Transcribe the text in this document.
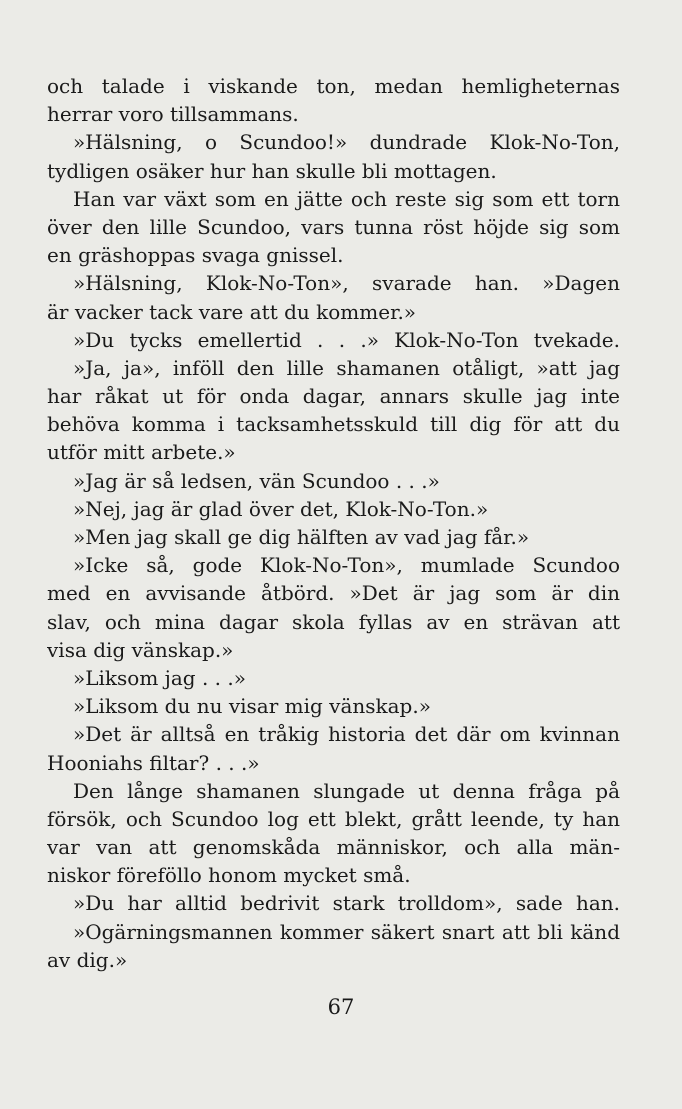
och talade i viskande ton, medan hemligheternas
herrar voro tillsammans.
»Hälsning, o Scundoo!» dundrade Klok-No-Ton,
tydligen osäker hur han skulle bli mottagen.
Han var växt som en jätte och reste sig som ett torn
över den lille Scundoo, vars tunna röst höjde sig som
en gräshoppas svaga gnissel.
»Hälsning, Klok-No-Ton», svarade han. »Dagen
är vacker tack vare att du kommer.»
»Du tycks emellertid . . .» Klok-No-Ton tvekade.
»Ja, ja», inföll den lille shamanen otåligt, »att jag
har råkat ut för onda dagar, annars skulle jag inte
behöva komma i tacksamhetsskuld till dig för att du
utför mitt arbete.»
»Jag är så ledsen, vän Scundoo . . .»
»Nej, jag är glad över det, Klok-No-Ton.»
»Men jag skall ge dig hälften av vad jag får.»
»Icke så, gode Klok-No-Ton», mumlade Scundoo
med en avvisande åtbörd. »Det är jag som är din
slav, och mina dagar skola fyllas av en strävan att
visa dig vänskap.»
»Liksom jag . . .»
»Liksom du nu visar mig vänskap.»
»Det är alltså en tråkig historia det där om kvinnan
Hooniahs filtar? . . .»
Den långe shamanen slungade ut denna fråga på
försök, och Scundoo log ett blekt, grått leende, ty han
var van att genomskåda människor, och alla män-
niskor föreföllo honom mycket små.
»Du har alltid bedrivit stark trolldom», sade han.
»Ogärningsmannen kommer säkert snart att bli känd
av dig.»
67
